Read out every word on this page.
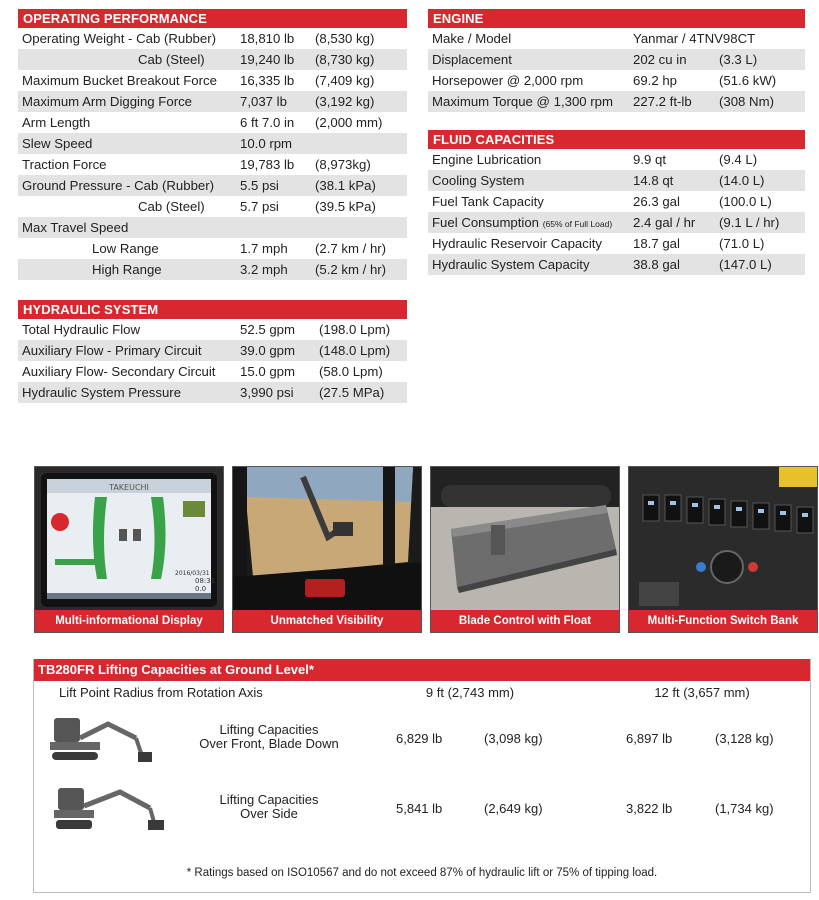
OPERATING PERFORMANCE
Operating Weight - Cab (Rubber)	18,810 lb	(8,530 kg)
Cab (Steel)	19,240 lb	(8,730 kg)
Maximum Bucket Breakout Force	16,335 lb	(7,409 kg)
Maximum Arm Digging Force	7,037 lb	(3,192 kg)
Arm Length	6 ft 7.0 in	(2,000 mm)
Slew Speed	10.0 rpm	
Traction Force	19,783 lb	(8,973kg)
Ground Pressure - Cab (Rubber)	5.5 psi	(38.1 kPa)
Cab (Steel)	5.7 psi	(39.5 kPa)
Max Travel Speed		
Low Range	1.7 mph	(2.7 km / hr)
High Range	3.2 mph	(5.2 km / hr)
ENGINE
Make / Model	Yanmar / 4TNV98CT	
Displacement	202 cu in	(3.3 L)
Horsepower @ 2,000 rpm	69.2 hp	(51.6 kW)
Maximum Torque @ 1,300 rpm	227.2 ft-lb	(308 Nm)
FLUID CAPACITIES
Engine Lubrication	9.9 qt	(9.4 L)
Cooling System	14.8 qt	(14.0 L)
Fuel Tank Capacity	26.3 gal	(100.0 L)
Fuel Consumption (65% of Full Load)	2.4 gal / hr	(9.1 L / hr)
Hydraulic Reservoir Capacity	18.7 gal	(71.0 L)
Hydraulic System Capacity	38.8 gal	(147.0 L)
HYDRAULIC SYSTEM
Total Hydraulic Flow	52.5 gpm	(198.0 Lpm)
Auxiliary Flow - Primary Circuit	39.0 gpm	(148.0 Lpm)
Auxiliary Flow- Secondary Circuit	15.0 gpm	(58.0 Lpm)
Hydraulic System Pressure	3,990 psi	(27.5 MPa)
TAKEUCHI
2016/03/31
08:31
0.0
Multi-informational Display	Unmatched Visibility	Blade Control with Float	Multi-Function Switch Bank
TB280FR Lifting Capacities at Ground Level*
Lift Point Radius from Rotation Axis	9 ft (2,743 mm)	12 ft (3,657 mm)
Lifting Capacities
Over Front, Blade Down	6,829 lb	(3,098 kg)	6,897 lb	(3,128 kg)
Lifting Capacities
Over Side	5,841 lb	(2,649 kg)	3,822 lb	(1,734 kg)
* Ratings based on ISO10567 and do not exceed 87% of hydraulic lift or 75% of tipping load.
